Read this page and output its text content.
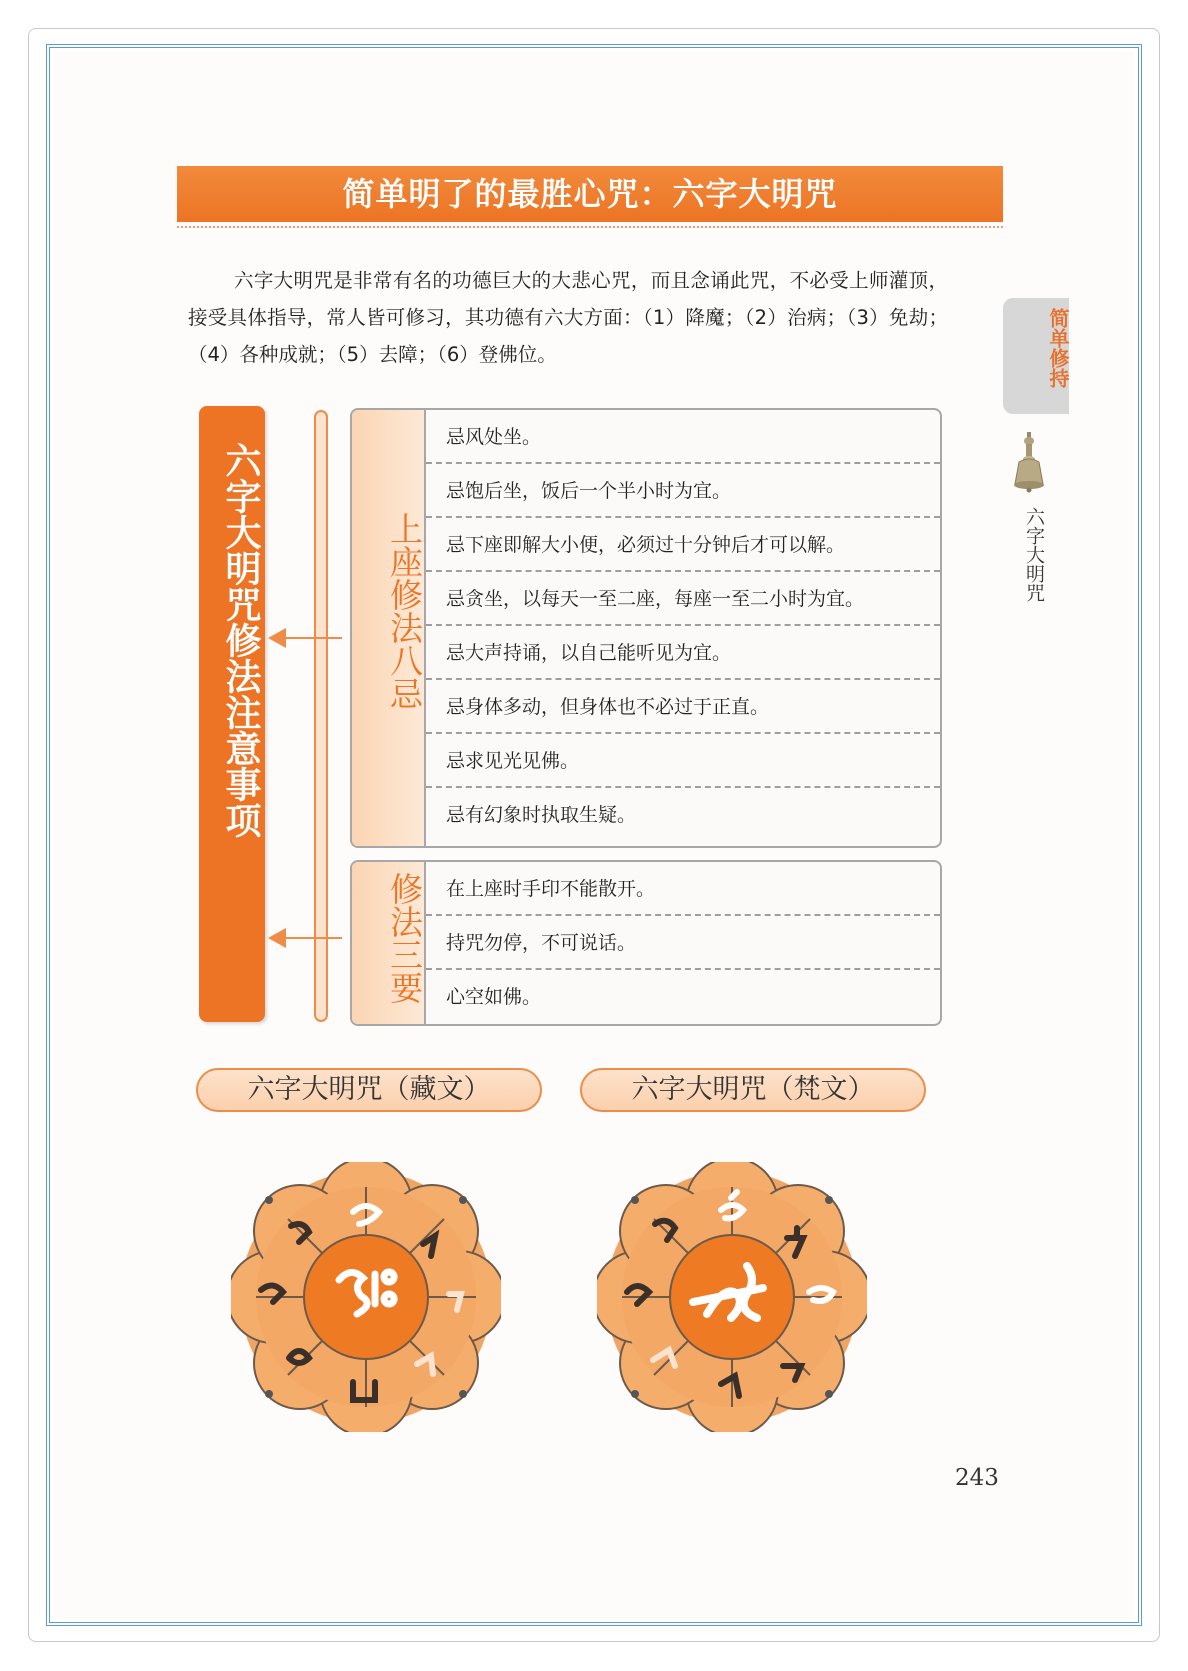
简单明了的最胜心咒：六字大明咒
六字大明咒是非常有名的功德巨大的大悲心咒，而且念诵此咒，不必受上师灌顶，接受具体指导，常人皆可修习，其功德有六大方面：（1）降魔；（2）治病；（3）免劫；（4）各种成就；（5）去障；（6）登佛位。	简单修持
六字大明咒
六字大明咒修法注意事项	上座修法八忌
忌风处坐。
忌饱后坐，饭后一个半小时为宜。
忌下座即解大小便，必须过十分钟后才可以解。
忌贪坐，以每天一至二座，每座一至二小时为宜。
忌大声持诵，以自己能听见为宜。
忌身体多动，但身体也不必过于正直。
忌求见光见佛。
忌有幻象时执取生疑。
修法三要	在上座时手印不能散开。
持咒勿停，不可说话。
心空如佛。
六字大明咒（藏文）	六字大明咒（梵文）
243
